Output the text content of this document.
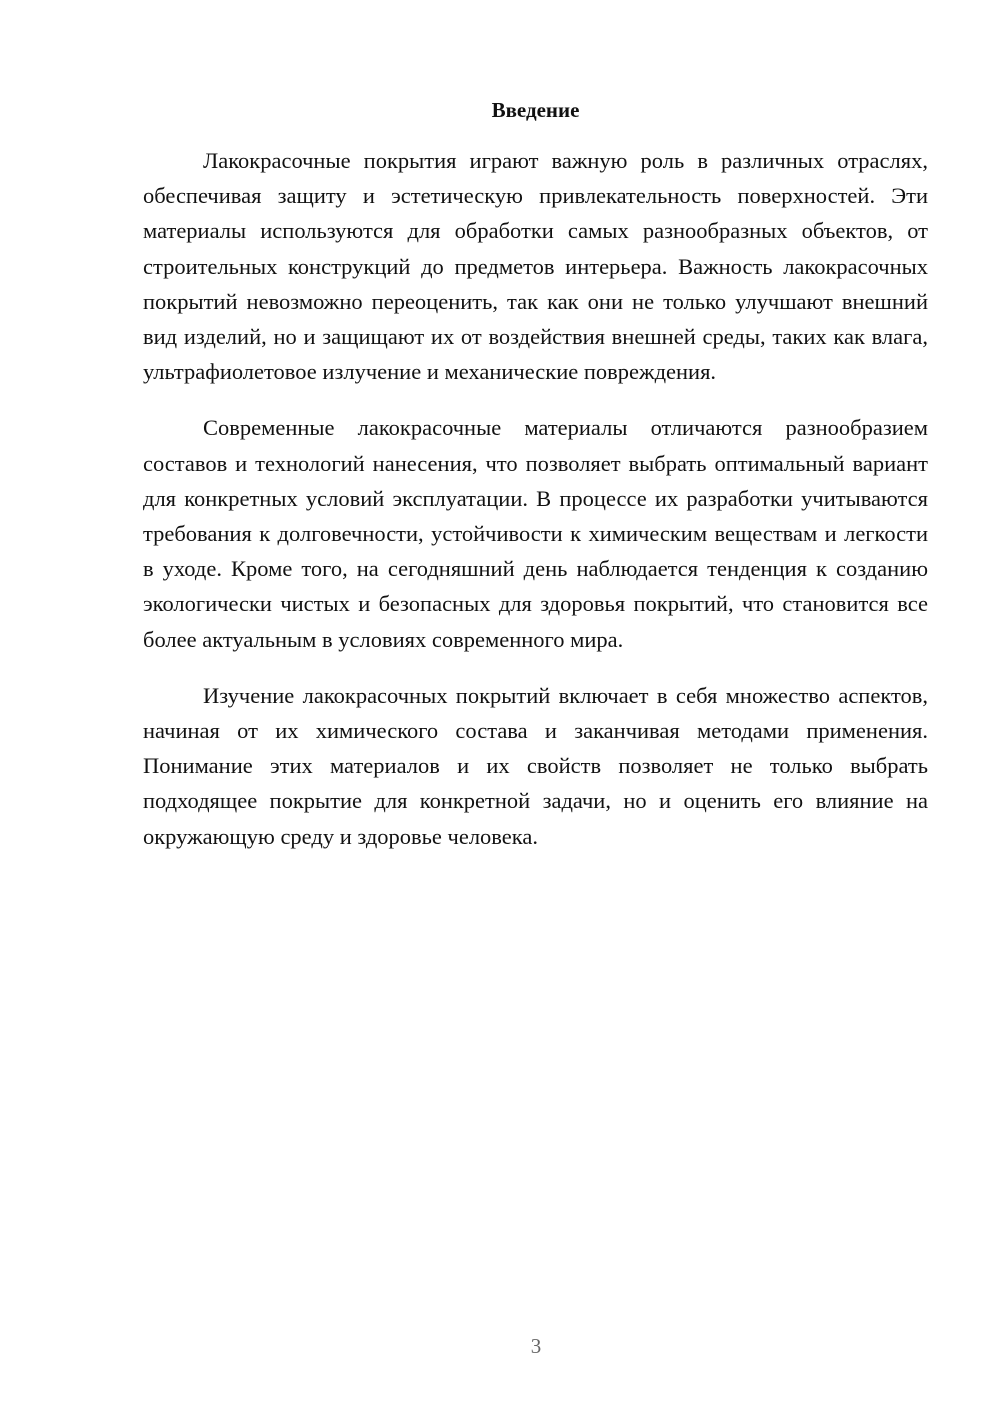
Введение

Лакокрасочные покрытия играют важную роль в различных отраслях, обеспечивая защиту и эстетическую привлекательность поверхностей. Эти материалы используются для обработки самых разнообразных объектов, от строительных конструкций до предметов интерьера. Важность лакокрасочных покрытий невозможно переоценить, так как они не только улучшают внешний вид изделий, но и защищают их от воздействия внешней среды, таких как влага, ультрафиолетовое излучение и механические повреждения.

Современные лакокрасочные материалы отличаются разнообразием составов и технологий нанесения, что позволяет выбрать оптимальный вариант для конкретных условий эксплуатации. В процессе их разработки учитываются требования к долговечности, устойчивости к химическим веществам и легкости в уходе. Кроме того, на сегодняшний день наблюдается тенденция к созданию экологически чистых и безопасных для здоровья покрытий, что становится все более актуальным в условиях современного мира.

Изучение лакокрасочных покрытий включает в себя множество аспектов, начиная от их химического состава и заканчивая методами применения. Понимание этих материалов и их свойств позволяет не только выбрать подходящее покрытие для конкретной задачи, но и оценить его влияние на окружающую среду и здоровье человека.

3
